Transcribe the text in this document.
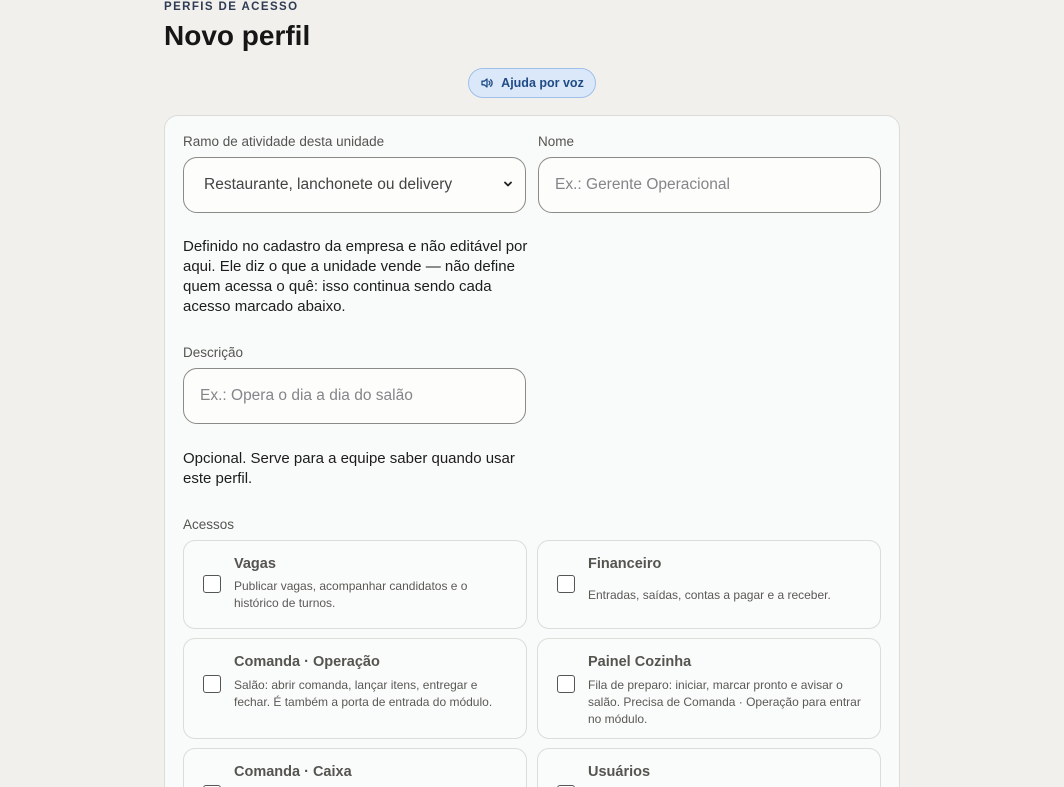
PERFIS DE ACESSO
Novo perfil
Ajuda por voz
Ramo de atividade desta unidade
Restaurante, lanchonete ou delivery
Definido no cadastro da empresa e não editável por aqui. Ele diz o que a unidade vende — não define quem acessa o quê: isso continua sendo cada acesso marcado abaixo.
Nome
Ex.: Gerente Operacional
Descrição
Ex.: Opera o dia a dia do salão
Opcional. Serve para a equipe saber quando usar este perfil.
Acessos
Vagas
Publicar vagas, acompanhar candidatos e o histórico de turnos.
Financeiro
Entradas, saídas, contas a pagar e a receber.
Comanda · Operação
Salão: abrir comanda, lançar itens, entregar e fechar. É também a porta de entrada do módulo.
Painel Cozinha
Fila de preparo: iniciar, marcar pronto e avisar o salão. Precisa de Comanda · Operação para entrar no módulo.
Comanda · Caixa	Usuários
